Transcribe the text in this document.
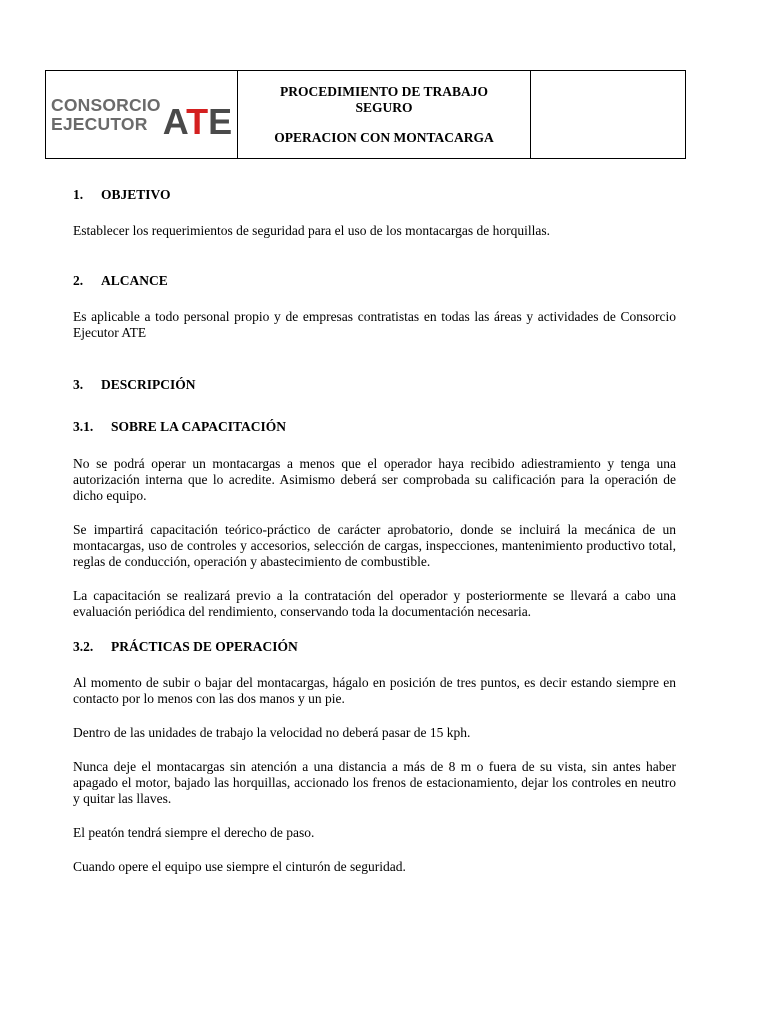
CONSORCIO
EJECUTOR ATE

PROCEDIMIENTO DE TRABAJO
SEGURO
OPERACION CON MONTACARGA

1.	OBJETIVO

Establecer los requerimientos de seguridad para el uso de los montacargas de horquillas.

2.	ALCANCE

Es aplicable a todo personal propio y de empresas contratistas en todas las áreas y actividades de Consorcio Ejecutor ATE

3.	DESCRIPCIÓN
3.1.	SOBRE LA CAPACITACIÓN

No se podrá operar un montacargas a menos que el operador haya recibido adiestramiento y tenga una autorización interna que lo acredite. Asimismo deberá ser comprobada su calificación para la operación de dicho equipo.

Se impartirá capacitación teórico-práctico de carácter aprobatorio, donde se incluirá la mecánica de un montacargas, uso de controles y accesorios, selección de cargas, inspecciones, mantenimiento productivo total, reglas de conducción, operación y abastecimiento de combustible.

La capacitación se realizará previo a la contratación del operador y posteriormente se llevará a cabo una evaluación periódica del rendimiento, conservando toda la documentación necesaria.

3.2.	PRÁCTICAS DE OPERACIÓN

Al momento de subir o bajar del montacargas, hágalo en posición de tres puntos, es decir estando siempre en contacto por lo menos con las dos manos y un pie.

Dentro de las unidades de trabajo la velocidad no deberá pasar de 15 kph.

Nunca deje el montacargas sin atención a una distancia a más de 8 m o fuera de su vista, sin antes haber apagado el motor, bajado las horquillas, accionado los frenos de estacionamiento, dejar los controles en neutro y quitar las llaves.

El peatón tendrá siempre el derecho de paso.

Cuando opere el equipo use siempre el cinturón de seguridad.
